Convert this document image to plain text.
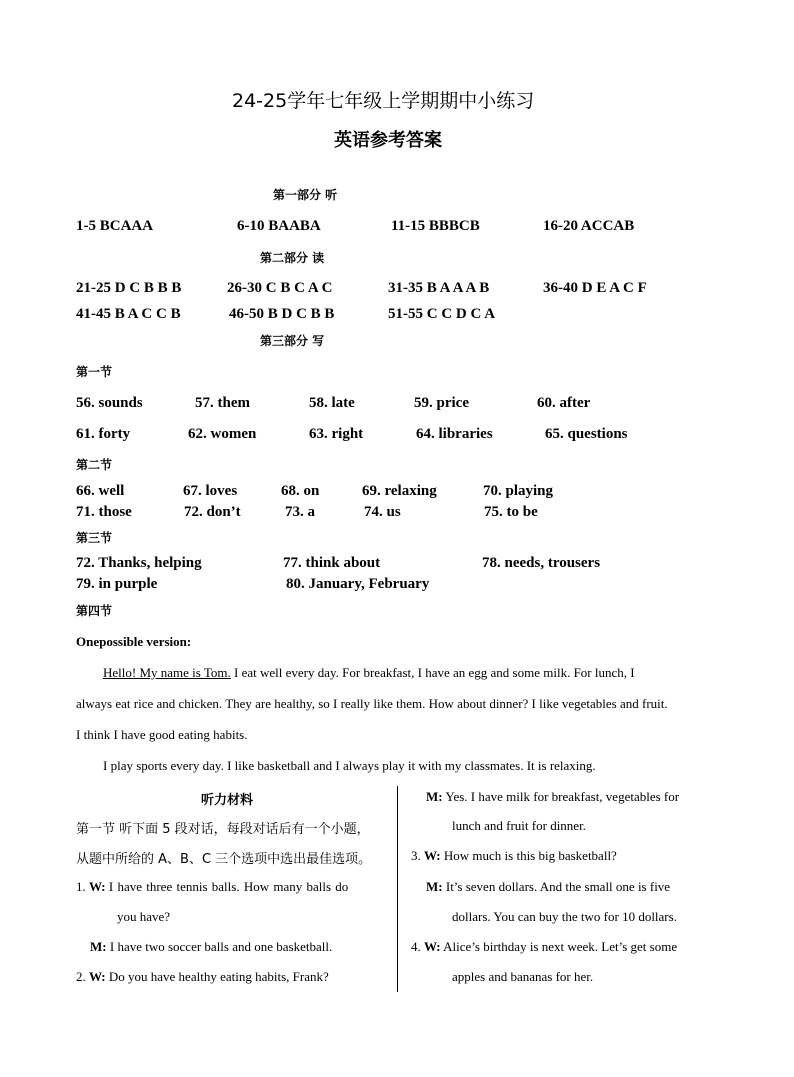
24-25学年七年级上学期期中小练习
英语参考答案
第一部分 听
1-5 BCAAA	6-10 BAABA	11-15 BBBCB	16-20 ACCAB
第二部分 读
21-25 D C B B B	26-30 C B C A C	31-35 B A A A B	36-40 D E A C F
41-45 B A C C B	46-50 B D C B B	51-55 C C D C A
第三部分 写
第一节
56. sounds	57. them	58. late	59. price	60. after
61. forty	62. women	63. right	64. libraries	65. questions
第二节
66. well	67. loves	68. on	69. relaxing	70. playing
71. those	72. don’t	73. a	74. us	75. to be
第三节
72. Thanks, helping	77. think about	78. needs, trousers
79. in purple	80. January, February
第四节
Onepossible version:
Hello! My name is Tom. I eat well every day. For breakfast, I have an egg and some milk. For lunch, I
always eat rice and chicken. They are healthy, so I really like them. How about dinner? I like vegetables and fruit.
I think I have good eating habits.
I play sports every day. I like basketball and I always play it with my classmates. It is relaxing.
听力材料
第一节 听下面 5 段对话，每段对话后有一个小题，
从题中所给的 A、B、C 三个选项中选出最佳选项。
1. W: I have three tennis balls. How many balls do
you have?
M: I have two soccer balls and one basketball.
2. W: Do you have healthy eating habits, Frank?
M: Yes. I have milk for breakfast, vegetables for
lunch and fruit for dinner.
3. W: How much is this big basketball?
M: It’s seven dollars. And the small one is five
dollars. You can buy the two for 10 dollars.
4. W: Alice’s birthday is next week. Let’s get some
apples and bananas for her.
